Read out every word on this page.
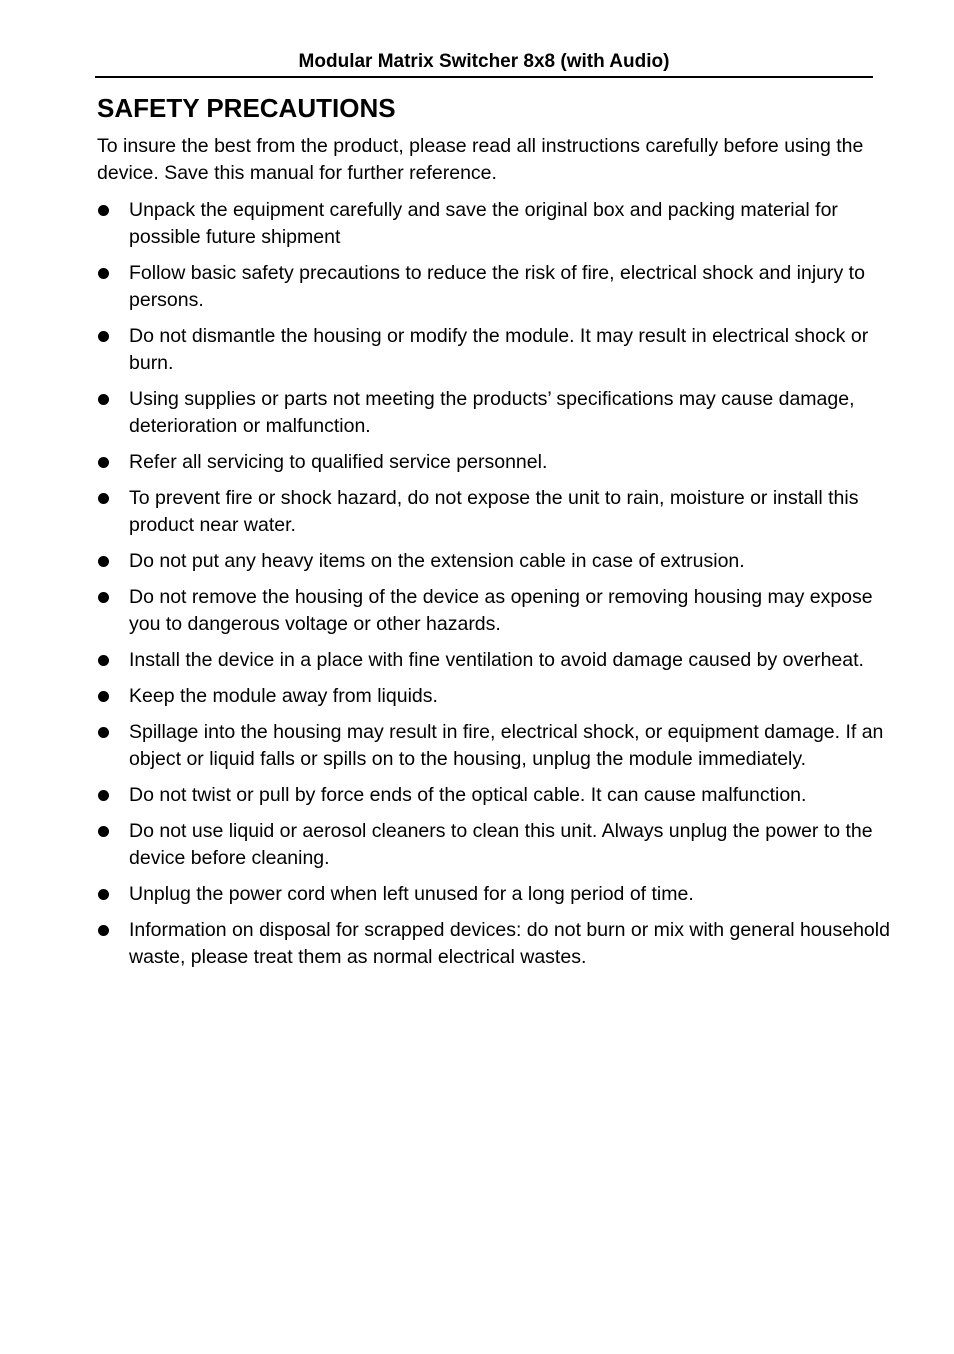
Modular Matrix Switcher 8x8 (with Audio)
SAFETY PRECAUTIONS

To insure the best from the product, please read all instructions carefully before using the device. Save this manual for further reference.

Unpack the equipment carefully and save the original box and packing material for possible future shipment
Follow basic safety precautions to reduce the risk of fire, electrical shock and injury to persons.
Do not dismantle the housing or modify the module. It may result in electrical shock or burn.
Using supplies or parts not meeting the products’ specifications may cause damage, deterioration or malfunction.
Refer all servicing to qualified service personnel.
To prevent fire or shock hazard, do not expose the unit to rain, moisture or install this product near water.
Do not put any heavy items on the extension cable in case of extrusion.
Do not remove the housing of the device as opening or removing housing may expose you to dangerous voltage or other hazards.
Install the device in a place with fine ventilation to avoid damage caused by overheat.
Keep the module away from liquids.
Spillage into the housing may result in fire, electrical shock, or equipment damage. If an object or liquid falls or spills on to the housing, unplug the module immediately.
Do not twist or pull by force ends of the optical cable. It can cause malfunction.
Do not use liquid or aerosol cleaners to clean this unit. Always unplug the power to the device before cleaning.
Unplug the power cord when left unused for a long period of time.
Information on disposal for scrapped devices: do not burn or mix with general household waste, please treat them as normal electrical wastes.
